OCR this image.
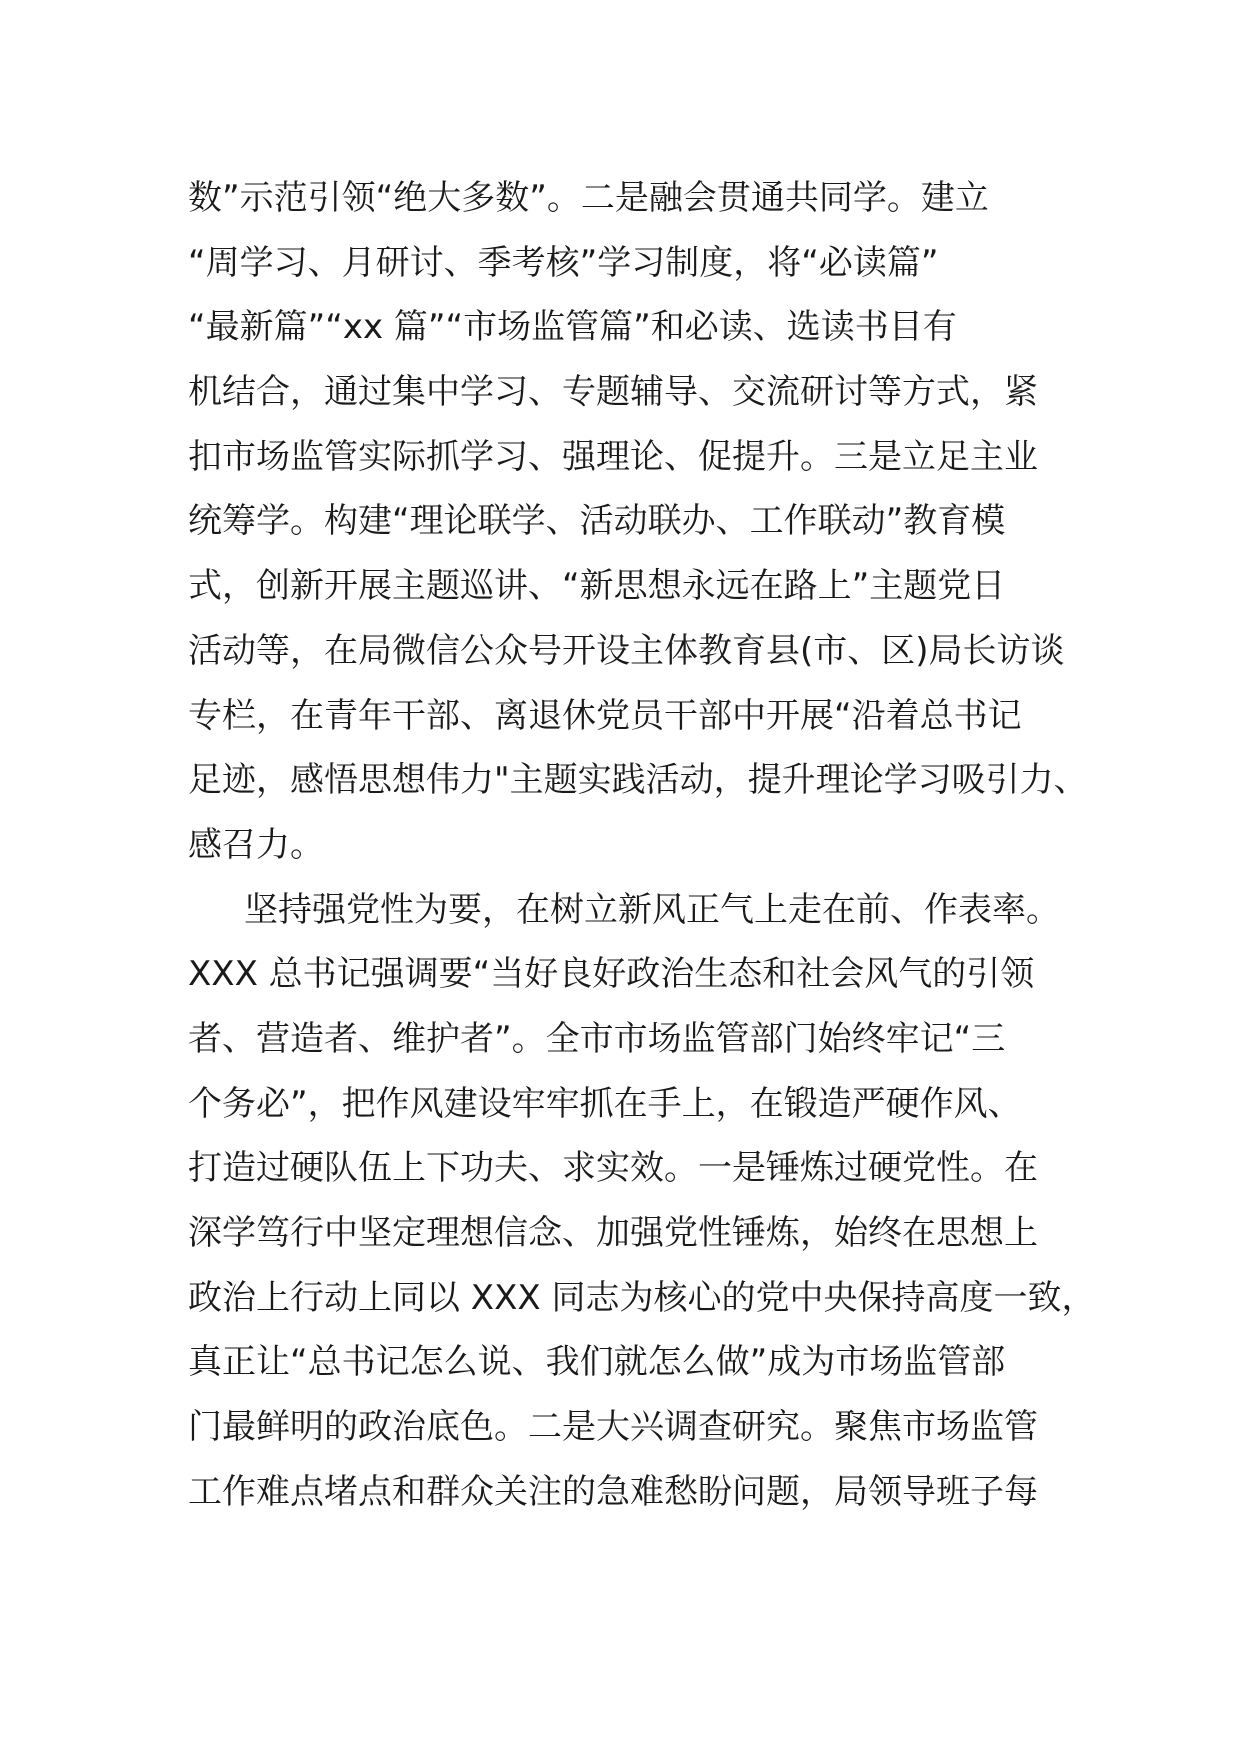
数”示范引领“绝大多数”。二是融会贯通共同学。建立
“周学习、月研讨、季考核”学习制度，将“必读篇”
“最新篇”“xx 篇”“市场监管篇”和必读、选读书目有
机结合，通过集中学习、专题辅导、交流研讨等方式，紧
扣市场监管实际抓学习、强理论、促提升。三是立足主业
统筹学。构建“理论联学、活动联办、工作联动”教育模
式，创新开展主题巡讲、“新思想永远在路上”主题党日
活动等，在局微信公众号开设主体教育县(市、区)局长访谈
专栏，在青年干部、离退休党员干部中开展“沿着总书记
足迹，感悟思想伟力"主题实践活动，提升理论学习吸引力、
感召力。
坚持强党性为要，在树立新风正气上走在前、作表率。
XXX 总书记强调要“当好良好政治生态和社会风气的引领
者、营造者、维护者”。全市市场监管部门始终牢记“三
个务必”，把作风建设牢牢抓在手上，在锻造严硬作风、
打造过硬队伍上下功夫、求实效。一是锤炼过硬党性。在
深学笃行中坚定理想信念、加强党性锤炼，始终在思想上
政治上行动上同以 XXX 同志为核心的党中央保持高度一致，
真正让“总书记怎么说、我们就怎么做”成为市场监管部
门最鲜明的政治底色。二是大兴调查研究。聚焦市场监管
工作难点堵点和群众关注的急难愁盼问题，局领导班子每
